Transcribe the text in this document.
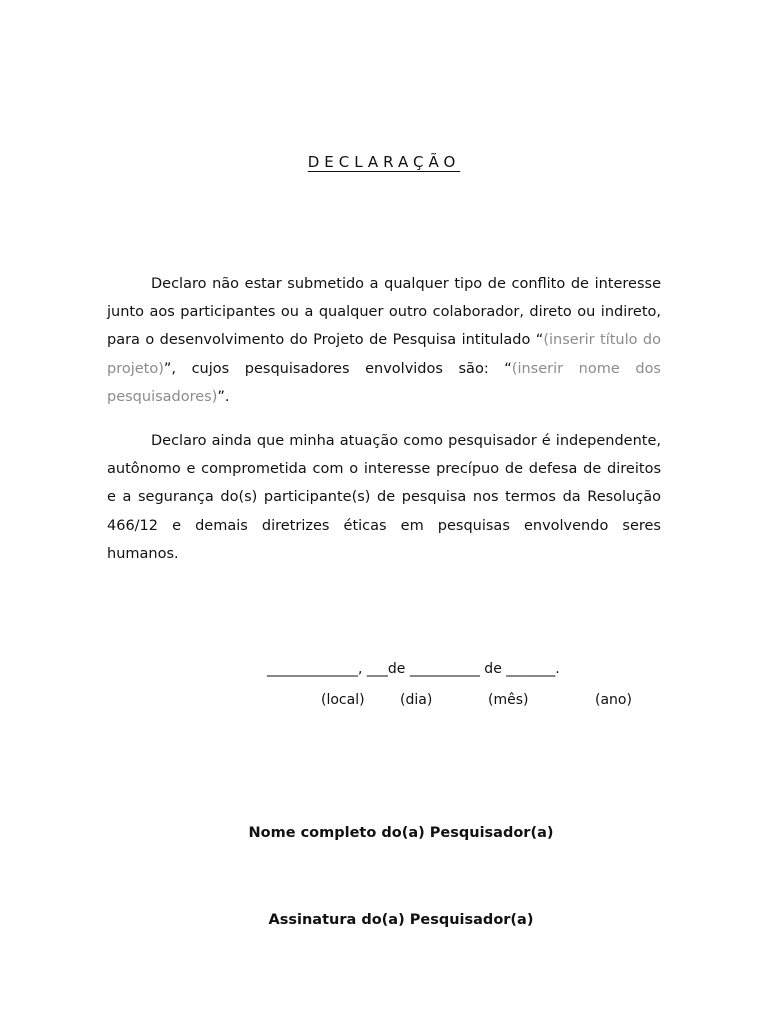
DECLARAÇÃO

Declaro não estar submetido a qualquer tipo de conflito de interesse junto aos participantes ou a qualquer outro colaborador, direto ou indireto, para o desenvolvimento do Projeto de Pesquisa intitulado “(inserir título do projeto)”, cujos pesquisadores envolvidos são: “(inserir nome dos pesquisadores)”.

Declaro ainda que minha atuação como pesquisador é independente, autônomo e comprometida com o interesse precípuo de defesa de direitos e a segurança do(s) participante(s) de pesquisa nos termos da Resolução 466/12 e demais diretrizes éticas em pesquisas envolvendo seres humanos.

_____________, ___de __________ de _______.
(local)	(dia)	(mês)	(ano)
Nome completo do(a) Pesquisador(a)
Assinatura do(a) Pesquisador(a)
